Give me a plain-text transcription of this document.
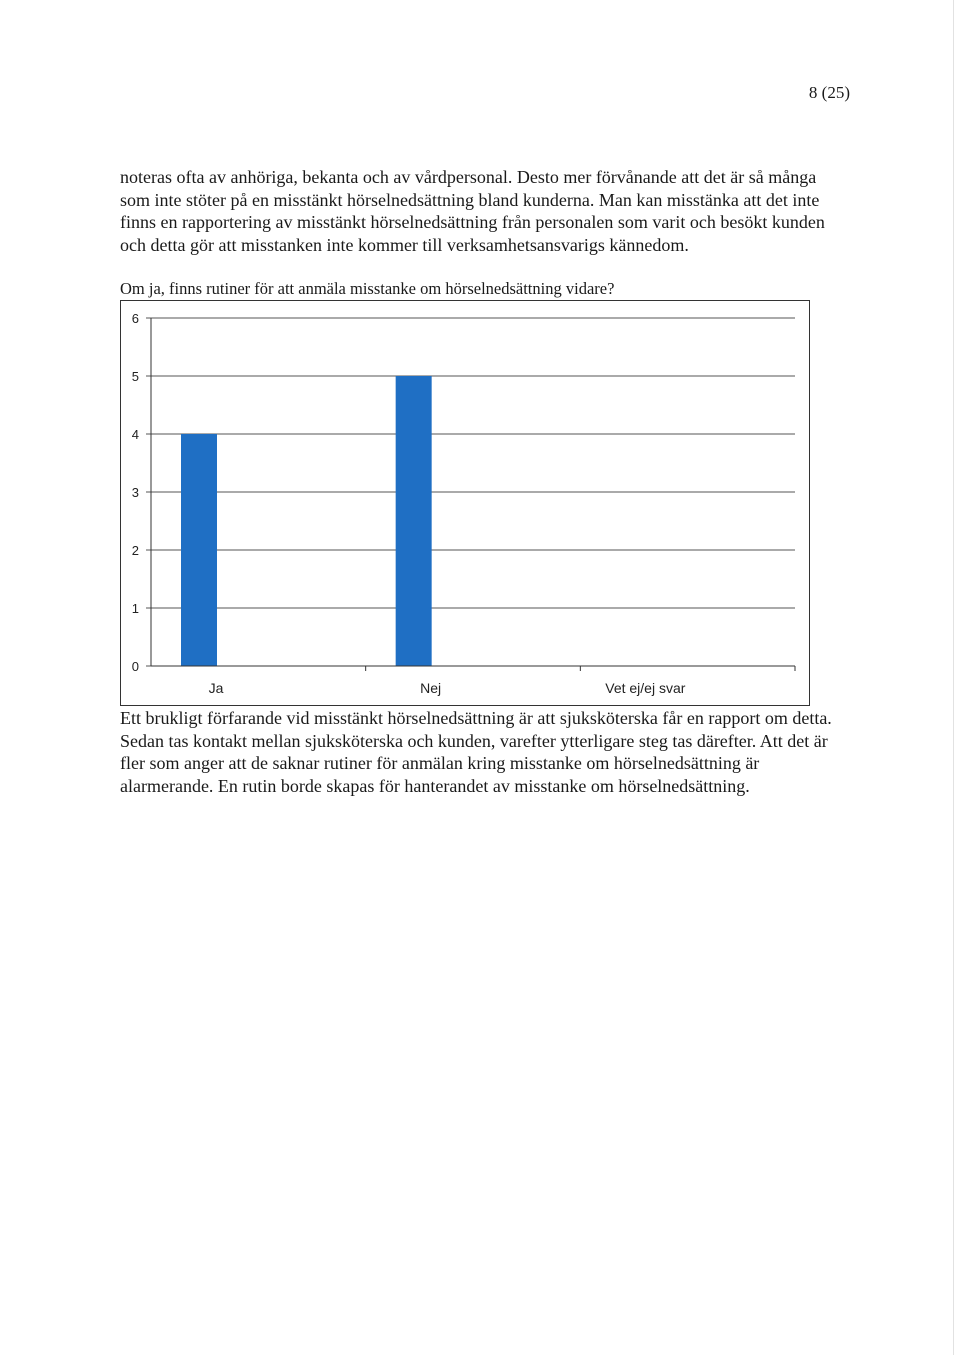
8 (25)

noteras ofta av anhöriga, bekanta och av vårdpersonal. Desto mer förvånande att det är så många som inte stöter på en misstänkt hörselnedsättning bland kunderna. Man kan misstänka att det inte finns en rapportering av misstänkt hörselnedsättning från personalen som varit och besökt kunden och detta gör att misstanken inte kommer till verksamhetsansvarigs kännedom.

Om ja, finns rutiner för att anmäla misstanke om hörselnedsättning vidare?
0
1
2
3
4
5
6
Ja	Nej	Vet ej/ej svar

Ett brukligt förfarande vid misstänkt hörselnedsättning är att sjuksköterska får en rapport om detta. Sedan tas kontakt mellan sjuksköterska och kunden, varefter ytterligare steg tas därefter. Att det är fler som anger att de saknar rutiner för anmälan kring misstanke om hörselnedsättning är alarmerande. En rutin borde skapas för hanterandet av misstanke om hörselnedsättning.
